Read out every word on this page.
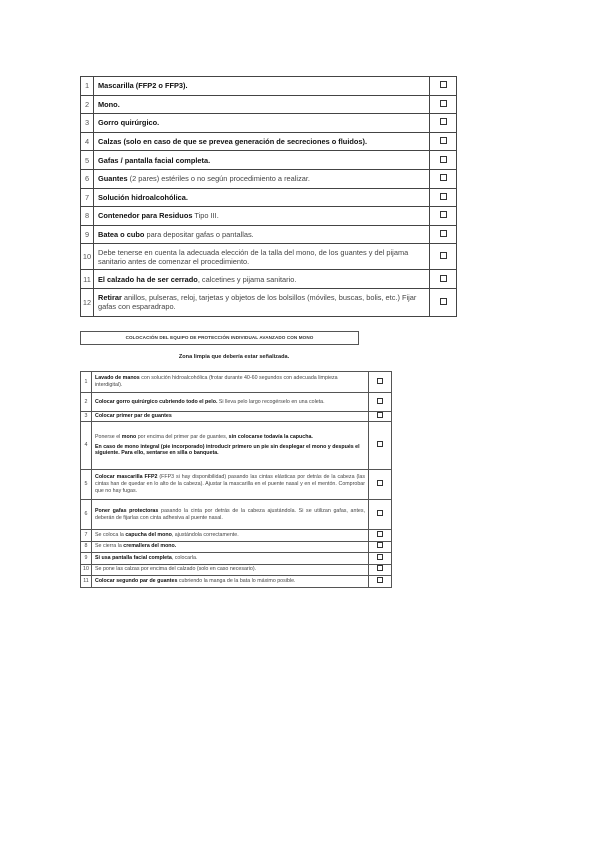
1	Mascarilla (FFP2 o FFP3).	
2	Mono.	
3	Gorro quirúrgico.	
4	Calzas (solo en caso de que se prevea generación de secreciones o fluidos).	
5	Gafas / pantalla facial completa.	
6	Guantes (2 pares) estériles o no según procedimiento a realizar.	
7	Solución hidroalcohólica.	
8	Contenedor para Residuos Tipo III.	
9	Batea o cubo para depositar gafas o pantallas.	
10	Debe tenerse en cuenta la adecuada elección de la talla del mono, de los guantes y del pijama sanitario antes de comenzar el procedimiento.	
11	El calzado ha de ser cerrado, calcetines y pijama sanitario.	
12	Retirar anillos, pulseras, reloj, tarjetas y objetos de los bolsillos (móviles, buscas, bolis, etc.) Fijar gafas con esparadrapo.	
COLOCACIÓN DEL EQUIPO DE PROTECCIÓN INDIVIDUAL AVANZADO CON MONO
Zona limpia que debería estar señalizada.
1	Lavado de manos con solución hidroalcohólica (frotar durante 40-60 segundos con adecuada limpieza interdigital).	
2	Colocar gorro quirúrgico cubriendo todo el pelo. Si lleva pelo largo recogérselo en una coleta.	
3	Colocar primer par de guantes	
4	Ponerse el mono por encima del primer par de guantes, sin colocarse todavía la capucha.
En caso de mono integral (pie incorporado) introducir primero un pie sin desplegar el mono y después el siguiente. Para ello, sentarse en silla o banqueta.	

5	Colocar mascarilla FFP2 (FFP3 si hay disponibilidad) pasando las cintas elásticas por detrás de la cabeza (las cintas han de quedar en lo alto de la cabeza). Ajustar la mascarilla en el puente nasal y en el mentón. Comprobar que no hay fugas.	
6	Poner gafas protectoras pasando la cinta por detrás de la cabeza ajustándola. Si se utilizan gafas, antes, deberán de fijarlas con cinta adhesiva al puente nasal.	
7	Se coloca la capucha del mono, ajustándola correctamente.	
8	Se cierra la cremallera del mono.	
9	Si usa pantalla facial completa, colocarla.	
10	Se pone las calzas por encima del calzado (solo en caso necesario).	
11	Colocar segundo par de guantes cubriendo la manga de la bata lo máximo posible.	
